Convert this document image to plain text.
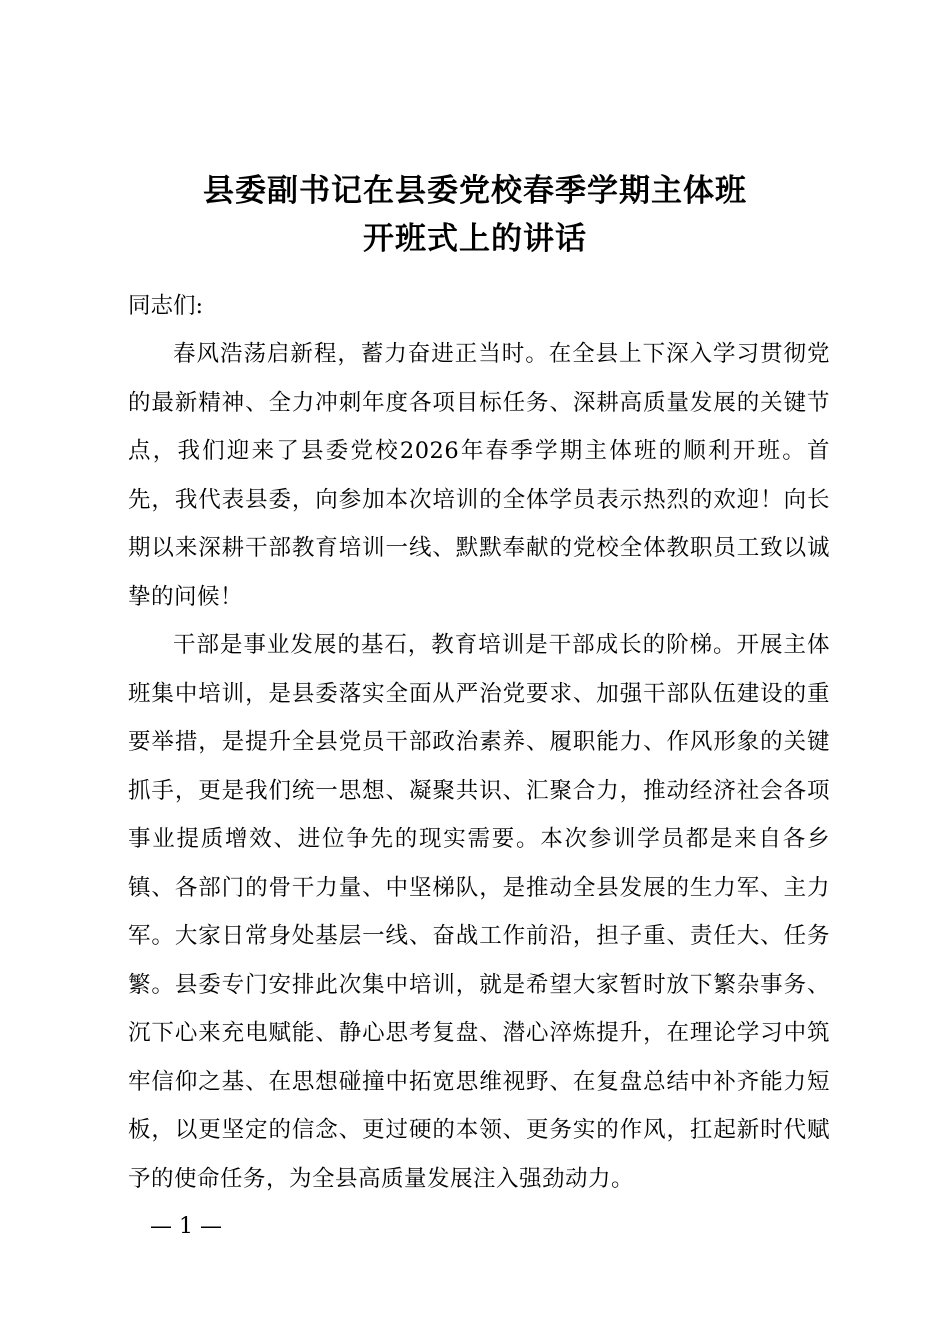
县委副书记在县委党校春季学期主体班
开班式上的讲话
同志们:
春风浩荡启新程，蓄力奋进正当时。在全县上下深入学习贯彻党的最新精神、全力冲刺年度各项目标任务、深耕高质量发展的关键节点，我们迎来了县委党校2026年春季学期主体班的顺利开班。首先，我代表县委，向参加本次培训的全体学员表示热烈的欢迎！向长期以来深耕干部教育培训一线、默默奉献的党校全体教职员工致以诚挚的问候！
干部是事业发展的基石，教育培训是干部成长的阶梯。开展主体班集中培训，是县委落实全面从严治党要求、加强干部队伍建设的重要举措，是提升全县党员干部政治素养、履职能力、作风形象的关键抓手，更是我们统一思想、凝聚共识、汇聚合力，推动经济社会各项事业提质增效、进位争先的现实需要。本次参训学员都是来自各乡镇、各部门的骨干力量、中坚梯队，是推动全县发展的生力军、主力军。大家日常身处基层一线、奋战工作前沿，担子重、责任大、任务繁。县委专门安排此次集中培训，就是希望大家暂时放下繁杂事务、沉下心来充电赋能、静心思考复盘、潜心淬炼提升，在理论学习中筑牢信仰之基、在思想碰撞中拓宽思维视野、在复盘总结中补齐能力短板，以更坚定的信念、更过硬的本领、更务实的作风，扛起新时代赋予的使命任务，为全县高质量发展注入强劲动力。
— 1 —
